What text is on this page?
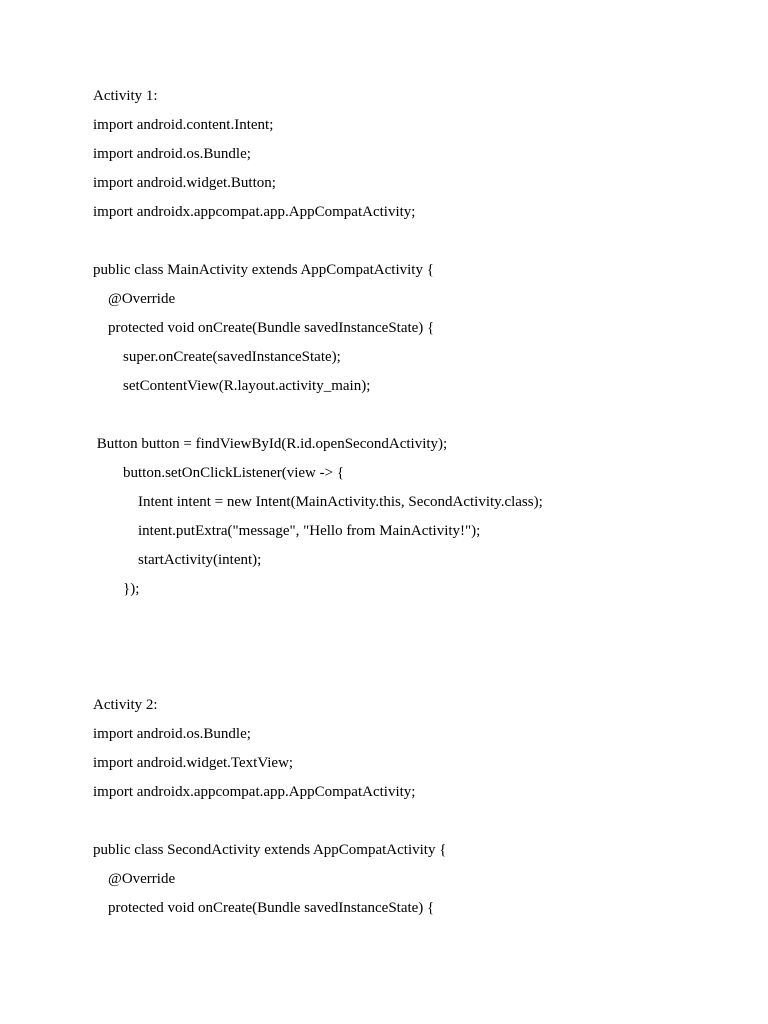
Activity 1:
import android.content.Intent;
import android.os.Bundle;
import android.widget.Button;
import androidx.appcompat.app.AppCompatActivity;
public class MainActivity extends AppCompatActivity {
@Override
protected void onCreate(Bundle savedInstanceState) {
super.onCreate(savedInstanceState);
setContentView(R.layout.activity_main);
Button button = findViewById(R.id.openSecondActivity);
button.setOnClickListener(view -> {
Intent intent = new Intent(MainActivity.this, SecondActivity.class);
intent.putExtra("message", "Hello from MainActivity!");
startActivity(intent);
});
Activity 2:
import android.os.Bundle;
import android.widget.TextView;
import androidx.appcompat.app.AppCompatActivity;
public class SecondActivity extends AppCompatActivity {
@Override
protected void onCreate(Bundle savedInstanceState) {
